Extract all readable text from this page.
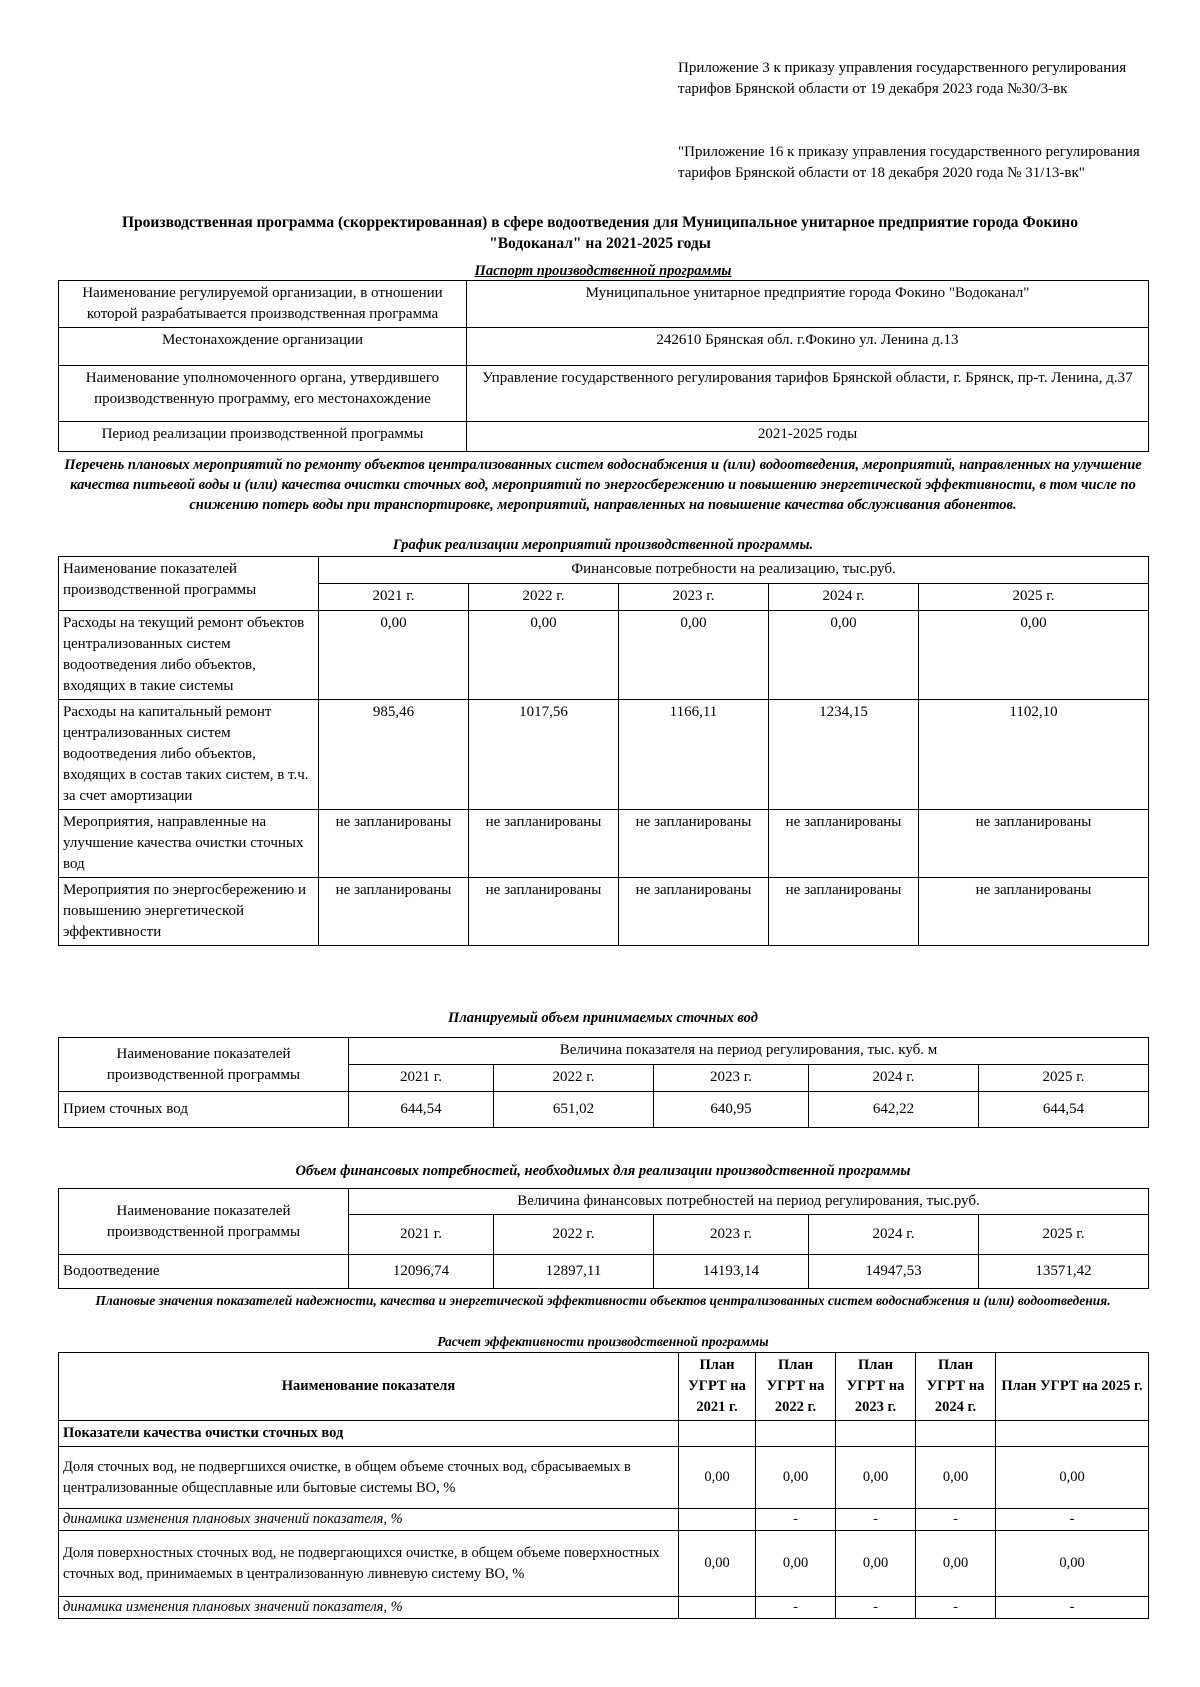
Приложение 3 к приказу управления государственного регулирования тарифов Брянской области от 19 декабря 2023 года №30/3-вк
"Приложение 16 к приказу управления государственного регулирования тарифов Брянской области от 18 декабря 2020 года № 31/13-вк"
Производственная программа (скорректированная) в сфере водоотведения для Муниципальное унитарное предприятие города Фокино
"Водоканал" на 2021-2025 годы
Паспорт производственной программы
Наименование регулируемой организации, в отношении которой разрабатывается производственная программа	Муниципальное унитарное предприятие города Фокино "Водоканал"
Местонахождение организации	242610 Брянская обл. г.Фокино ул. Ленина д.13
Наименование уполномоченного органа, утвердившего производственную программу, его местонахождение	Управление государственного регулирования тарифов Брянской области, г. Брянск, пр-т. Ленина, д.37
Период реализации производственной программы	2021-2025 годы
Перечень плановых мероприятий по ремонту объектов централизованных систем водоснабжения и (или) водоотведения, мероприятий, направленных на улучшение качества питьевой воды и (или) качества очистки сточных вод, мероприятий по энергосбережению и повышению энергетической эффективности, в том числе по снижению потерь воды при транспортировке, мероприятий, направленных на повышение качества обслуживания абонентов.
График реализации мероприятий производственной программы.
Наименование показателей производственной программы	Финансовые потребности на реализацию, тыс.руб.				
	2021 г.	2022 г.	2023 г.	2024 г.	2025 г.
Расходы на текущий ремонт объектов централизованных систем водоотведения либо объектов, входящих в такие системы	0,00	0,00	0,00	0,00	0,00
Расходы на капитальный ремонт централизованных систем водоотведения либо объектов, входящих в состав таких систем, в т.ч. за счет амортизации	985,46	1017,56	1166,11	1234,15	1102,10
Мероприятия, направленные на улучшение качества очистки сточных вод	не запланированы	не запланированы	не запланированы	не запланированы	не запланированы
Мероприятия по энергосбережению и повышению энергетической эффективности	не запланированы	не запланированы	не запланированы	не запланированы	не запланированы
Планируемый объем принимаемых сточных вод
Наименование показателей производственной программы	Величина показателя на период регулирования, тыс. куб. м				
	2021 г.	2022 г.	2023 г.	2024 г.	2025 г.
Прием сточных вод	644,54	651,02	640,95	642,22	644,54
Объем финансовых потребностей, необходимых для реализации производственной программы
Наименование показателей производственной программы	Величина финансовых потребностей на период регулирования, тыс.руб.				
	2021 г.	2022 г.	2023 г.	2024 г.	2025 г.
Водоотведение	12096,74	12897,11	14193,14	14947,53	13571,42
Плановые значения показателей надежности, качества и энергетической эффективности объектов централизованных систем водоснабжения и (или) водоотведения.
Расчет эффективности производственной программы
Наименование показателя	План УГРТ на 2021 г.	План УГРТ на 2022 г.	План УГРТ на 2023 г.	План УГРТ на 2024 г.	План УГРТ на 2025 г.
Показатели качества очистки сточных вод					
Доля сточных вод, не подвергшихся очистке, в общем объеме сточных вод, сбрасываемых в централизованные общесплавные или бытовые системы ВО, %	0,00	0,00	0,00	0,00	0,00
динамика изменения плановых значений показателя, %		-	-	-	-
Доля поверхностных сточных вод, не подвергающихся очистке, в общем объеме поверхностных сточных вод, принимаемых в централизованную ливневую систему ВО, %	0,00	0,00	0,00	0,00	0,00
динамика изменения плановых значений показателя, %		-	-	-	-
